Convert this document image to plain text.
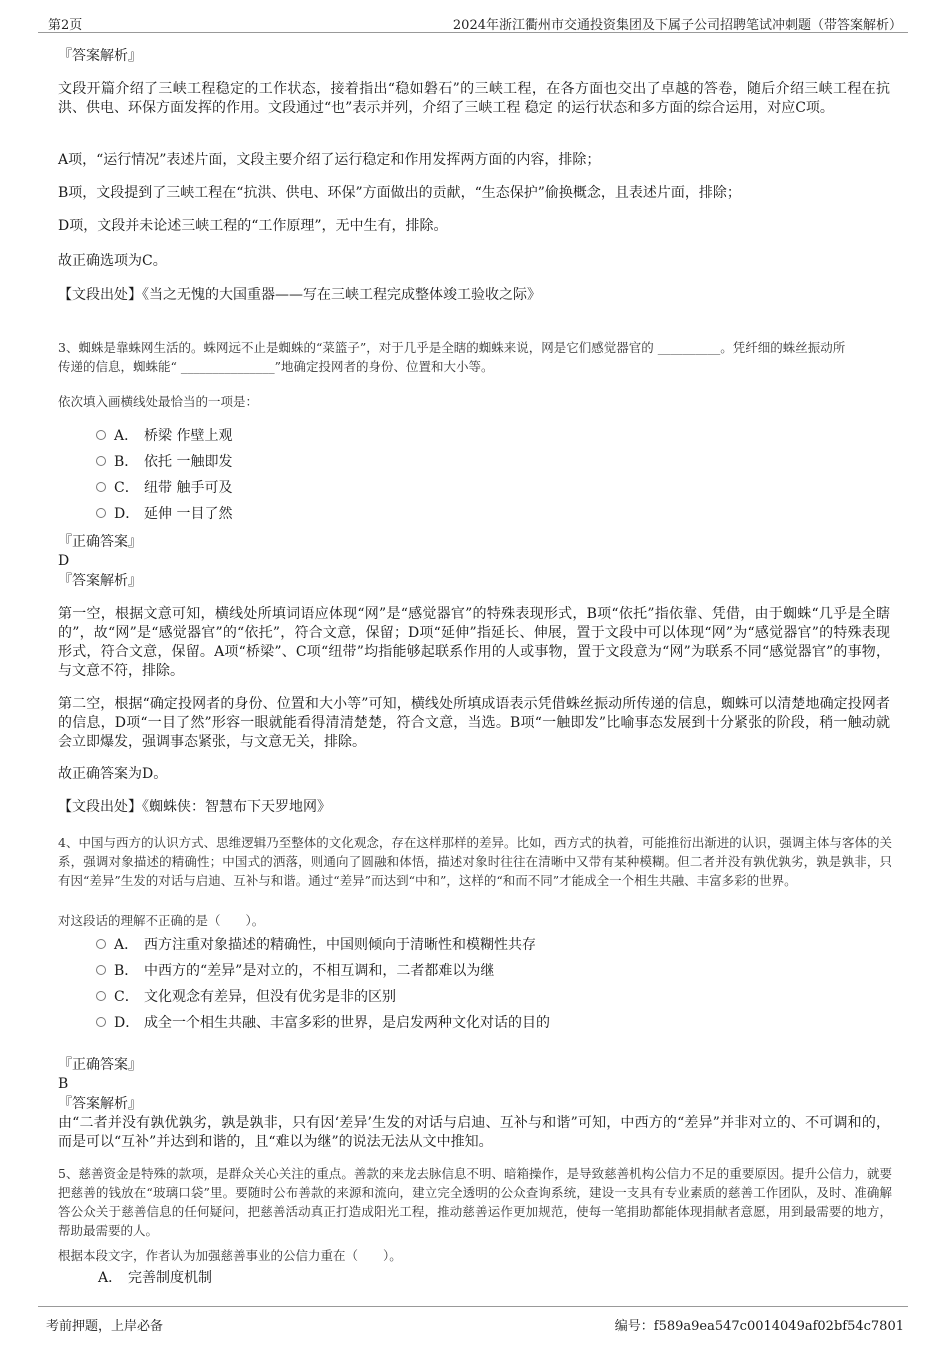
第2页	2024年浙江衢州市交通投资集团及下属子公司招聘笔试冲刺题（带答案解析）
『答案解析』
文段开篇介绍了三峡工程稳定的工作状态，接着指出“稳如磐石”的三峡工程，在各方面也交出了卓越的答卷，随后介绍三峡工程在抗洪、供电、环保方面发挥的作用。文段通过“也”表示并列，介绍了三峡工程 稳定 的运行状态和多方面的综合运用，对应C项。
A项，“运行情况”表述片面，文段主要介绍了运行稳定和作用发挥两方面的内容，排除；
B项，文段提到了三峡工程在“抗洪、供电、环保”方面做出的贡献，“生态保护”偷换概念，且表述片面，排除；
D项，文段并未论述三峡工程的“工作原理”，无中生有，排除。
故正确选项为C。
【文段出处】《当之无愧的大国重器——写在三峡工程完成整体竣工验收之际》
3、蜘蛛是靠蛛网生活的。蛛网远不止是蜘蛛的“菜篮子”，对于几乎是全瞎的蜘蛛来说，网是它们感觉器官的 __________。凭纤细的蛛丝振动所
传递的信息，蜘蛛能“ _______________”地确定投网者的身份、位置和大小等。
依次填入画横线处最恰当的一项是：
A． 桥梁 作壁上观
B． 依托 一触即发
C． 纽带 触手可及
D． 延伸 一目了然
『正确答案』
D
『答案解析』
第一空，根据文意可知，横线处所填词语应体现“网”是“感觉器官”的特殊表现形式，B项“依托”指依靠、凭借，由于蜘蛛“几乎是全瞎的”，故“网”是“感觉器官”的“依托”，符合文意，保留；D项“延伸”指延长、伸展，置于文段中可以体现“网”为“感觉器官”的特殊表现形式，符合文意，保留。A项“桥梁”、C项“纽带”均指能够起联系作用的人或事物，置于文段意为“网”为联系不同“感觉器官”的事物，与文意不符，排除。
第二空，根据“确定投网者的身份、位置和大小等”可知，横线处所填成语表示凭借蛛丝振动所传递的信息，蜘蛛可以清楚地确定投网者的信息，D项“一目了然”形容一眼就能看得清清楚楚，符合文意，当选。B项“一触即发”比喻事态发展到十分紧张的阶段，稍一触动就会立即爆发，强调事态紧张，与文意无关，排除。
故正确答案为D。
【文段出处】《蜘蛛侠：智慧布下天罗地网》
4、中国与西方的认识方式、思维逻辑乃至整体的文化观念，存在这样那样的差异。比如，西方式的执着，可能推衍出渐进的认识，强调主体与客体的关系，强调对象描述的精确性；中国式的洒落，则通向了圆融和体悟，描述对象时往往在清晰中又带有某种模糊。但二者并没有孰优孰劣，孰是孰非，只有因“差异”生发的对话与启迪、互补与和谐。通过“差异”而达到“中和”，这样的“和而不同”才能成全一个相生共融、丰富多彩的世界。
对这段话的理解不正确的是（　　）。
A． 西方注重对象描述的精确性，中国则倾向于清晰性和模糊性共存
B． 中西方的“差异”是对立的，不相互调和，二者都难以为继
C． 文化观念有差异，但没有优劣是非的区别
D． 成全一个相生共融、丰富多彩的世界，是启发两种文化对话的目的
『正确答案』
B
『答案解析』
由“二者并没有孰优孰劣，孰是孰非，只有因‘差异’生发的对话与启迪、互补与和谐”可知，中西方的“差异”并非对立的、不可调和的，而是可以“互补”并达到和谐的，且“难以为继”的说法无法从文中推知。
5、慈善资金是特殊的款项，是群众关心关注的重点。善款的来龙去脉信息不明、暗箱操作，是导致慈善机构公信力不足的重要原因。提升公信力，就要把慈善的钱放在“玻璃口袋”里。要随时公布善款的来源和流向，建立完全透明的公众查询系统，建设一支具有专业素质的慈善工作团队，及时、准确解答公众关于慈善信息的任何疑问，把慈善活动真正打造成阳光工程，推动慈善运作更加规范，使每一笔捐助都能体现捐献者意愿，用到最需要的地方，帮助最需要的人。
根据本段文字，作者认为加强慈善事业的公信力重在（　　）。
A． 完善制度机制
考前押题，上岸必备	编号：f589a9ea547c0014049af02bf54c7801
